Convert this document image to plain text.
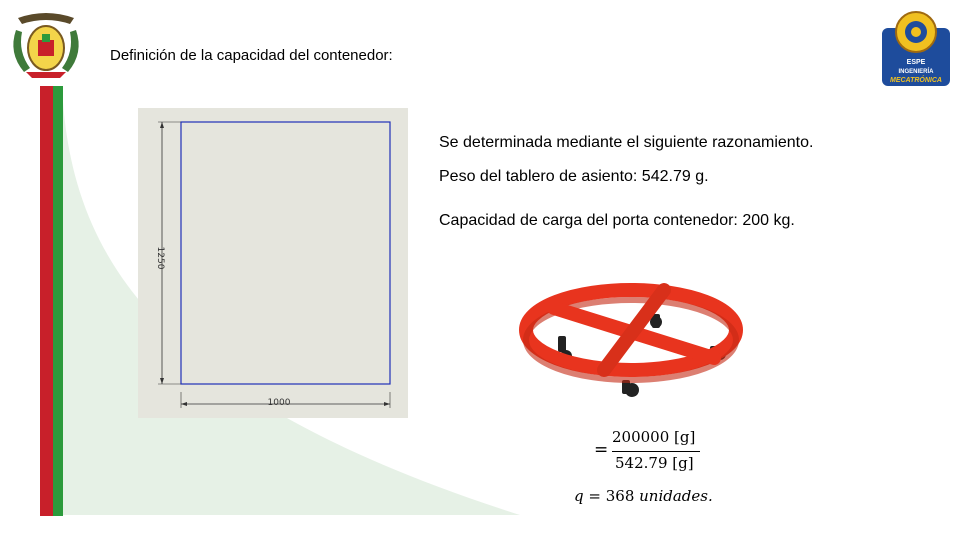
ESPE
INGENIERÍA
MECATRÓNICA
Definición de la capacidad del contenedor:
1250
1000
Se determinada mediante el siguiente razonamiento.
Peso del tablero de asiento: 542.79 g.
Capacidad de carga del porta contenedor: 200 kg.
=
200000 [g]
542.79 [g]
q = 368 unidades.
